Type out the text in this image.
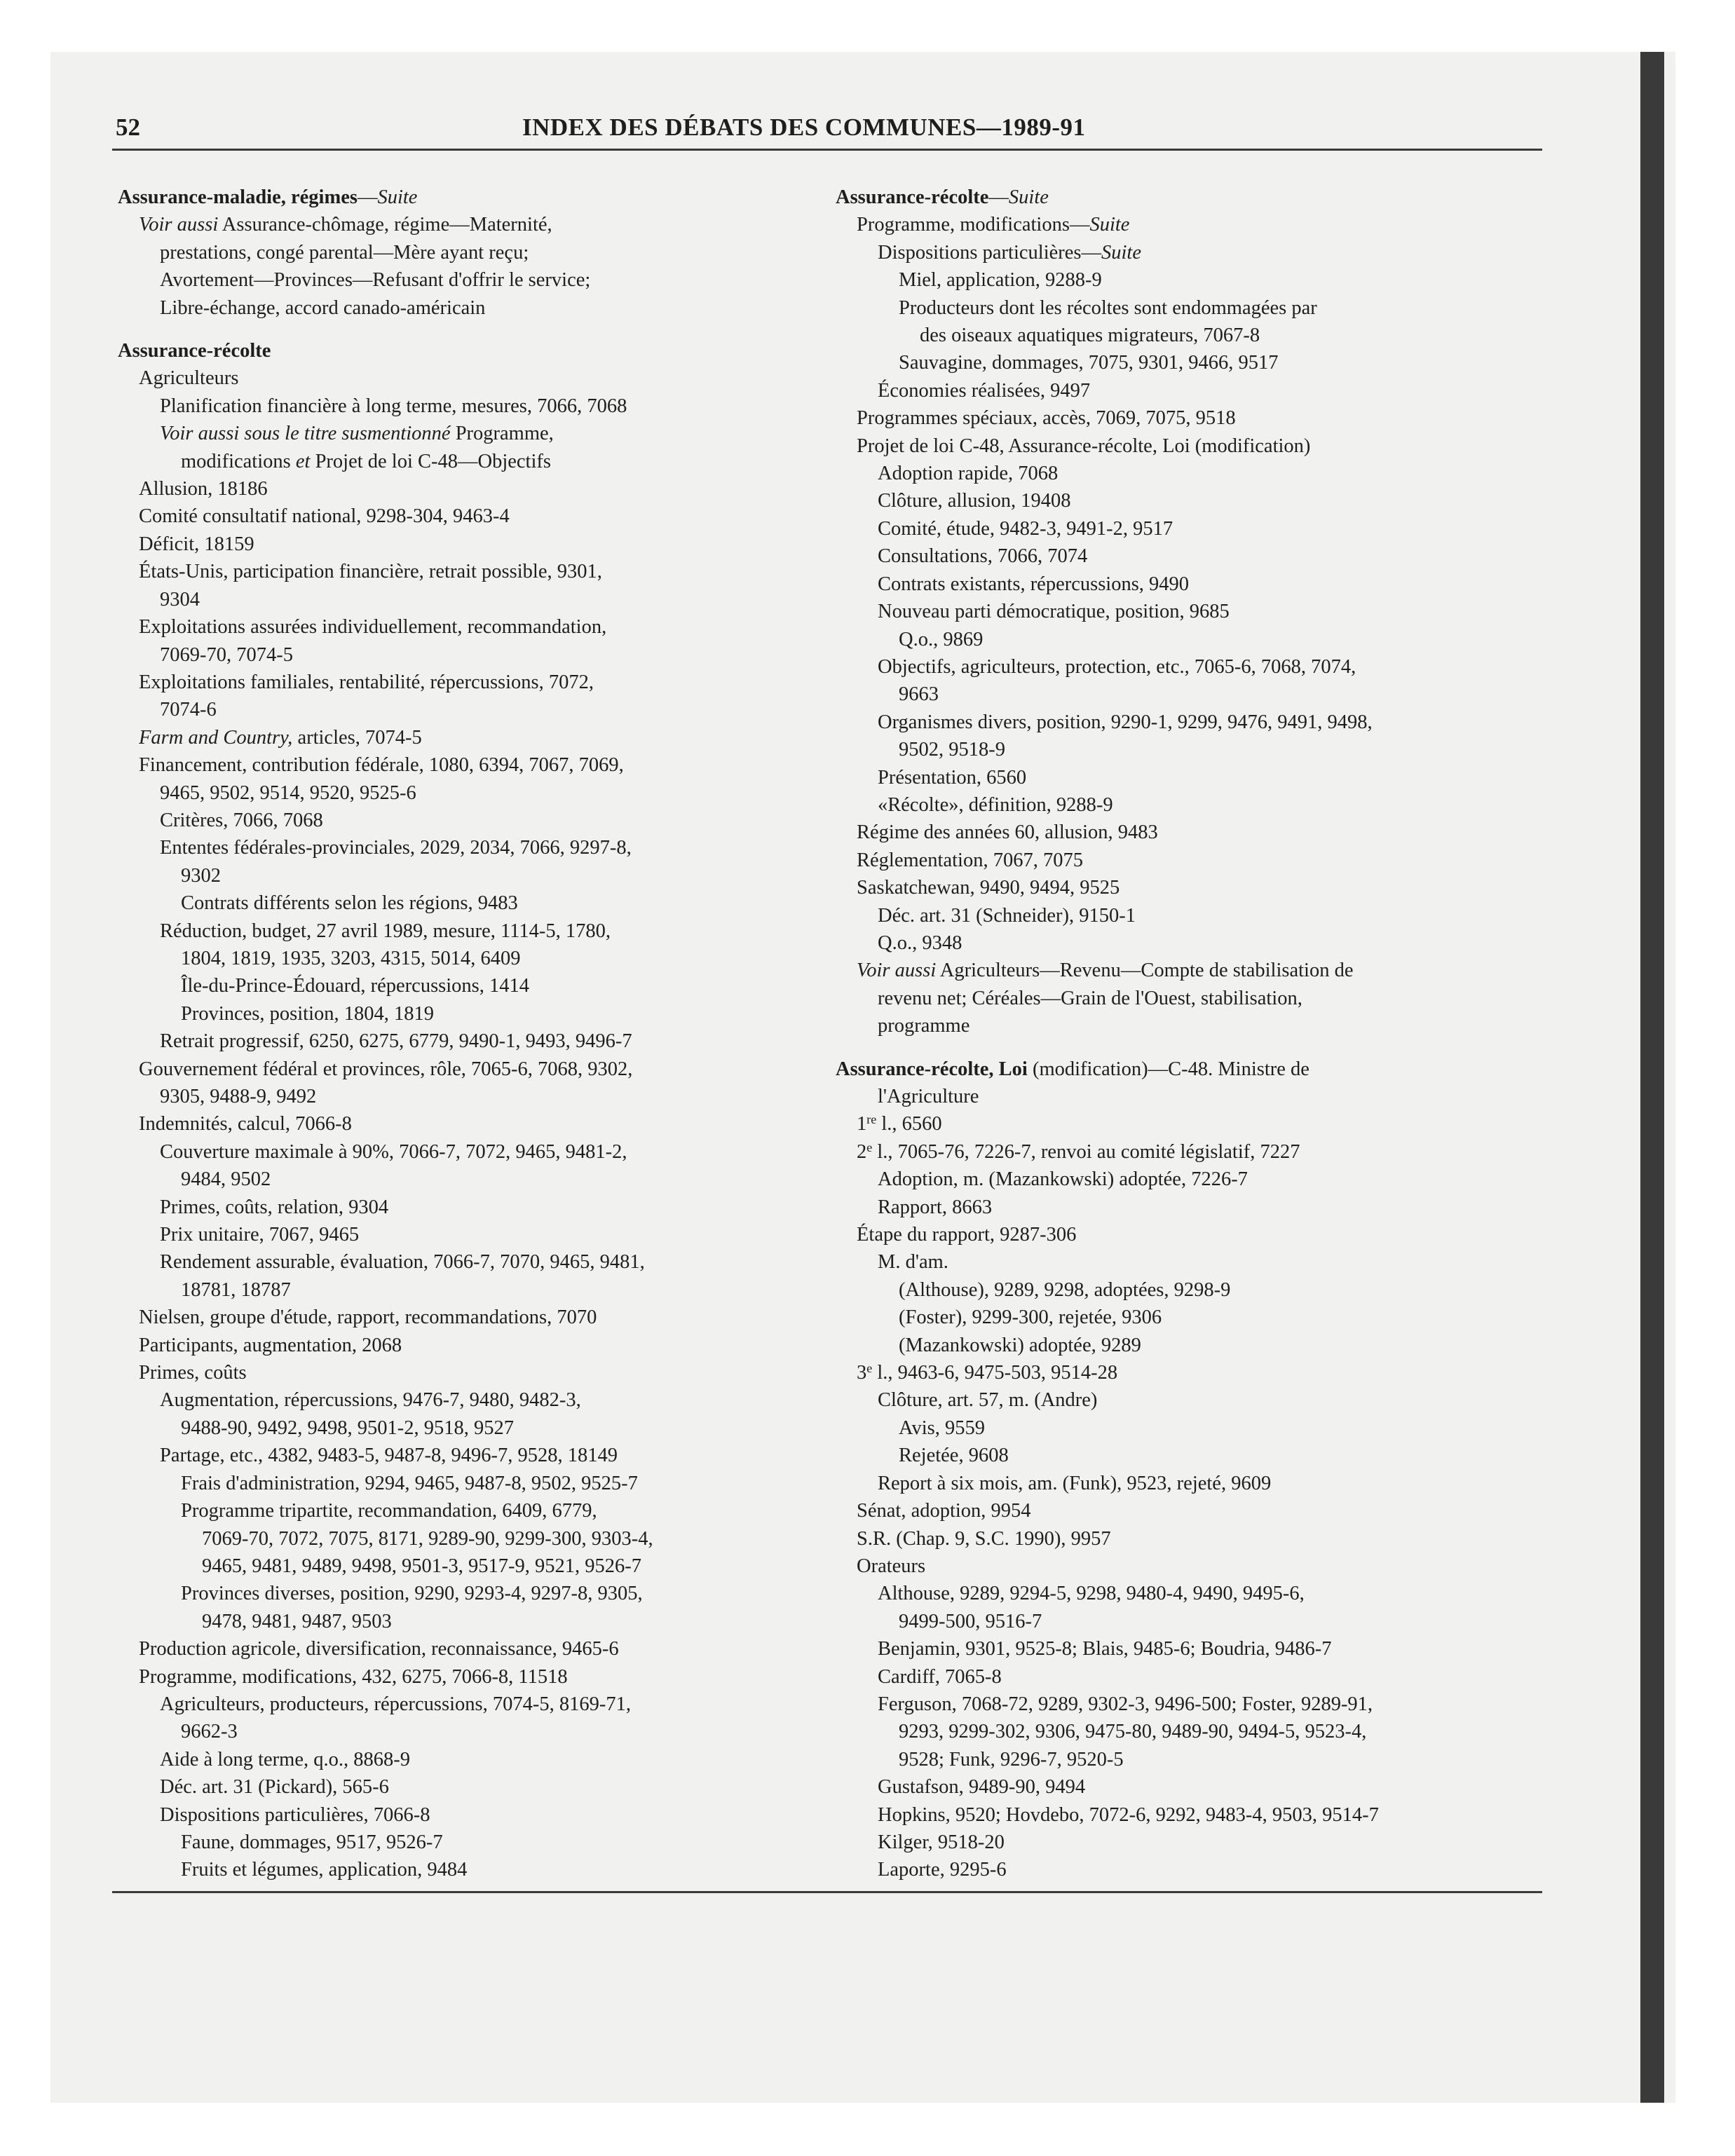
52	INDEX DES DÉBATS DES COMMUNES—1989-91
Assurance-maladie, régimes—Suite
Voir aussi Assurance-chômage, régime—Maternité,
prestations, congé parental—Mère ayant reçu;
Avortement—Provinces—Refusant d'offrir le service;
Libre-échange, accord canado-américain
Assurance-récolte
Agriculteurs
Planification financière à long terme, mesures, 7066, 7068
Voir aussi sous le titre susmentionné Programme,
modifications et Projet de loi C-48—Objectifs
Allusion, 18186
Comité consultatif national, 9298-304, 9463-4
Déficit, 18159
États-Unis, participation financière, retrait possible, 9301,
9304
Exploitations assurées individuellement, recommandation,
7069-70, 7074-5
Exploitations familiales, rentabilité, répercussions, 7072,
7074-6
Farm and Country, articles, 7074-5
Financement, contribution fédérale, 1080, 6394, 7067, 7069,
9465, 9502, 9514, 9520, 9525-6
Critères, 7066, 7068
Ententes fédérales-provinciales, 2029, 2034, 7066, 9297-8,
9302
Contrats différents selon les régions, 9483
Réduction, budget, 27 avril 1989, mesure, 1114-5, 1780,
1804, 1819, 1935, 3203, 4315, 5014, 6409
Île-du-Prince-Édouard, répercussions, 1414
Provinces, position, 1804, 1819
Retrait progressif, 6250, 6275, 6779, 9490-1, 9493, 9496-7
Gouvernement fédéral et provinces, rôle, 7065-6, 7068, 9302,
9305, 9488-9, 9492
Indemnités, calcul, 7066-8
Couverture maximale à 90%, 7066-7, 7072, 9465, 9481-2,
9484, 9502
Primes, coûts, relation, 9304
Prix unitaire, 7067, 9465
Rendement assurable, évaluation, 7066-7, 7070, 9465, 9481,
18781, 18787
Nielsen, groupe d'étude, rapport, recommandations, 7070
Participants, augmentation, 2068
Primes, coûts
Augmentation, répercussions, 9476-7, 9480, 9482-3,
9488-90, 9492, 9498, 9501-2, 9518, 9527
Partage, etc., 4382, 9483-5, 9487-8, 9496-7, 9528, 18149
Frais d'administration, 9294, 9465, 9487-8, 9502, 9525-7
Programme tripartite, recommandation, 6409, 6779,
7069-70, 7072, 7075, 8171, 9289-90, 9299-300, 9303-4,
9465, 9481, 9489, 9498, 9501-3, 9517-9, 9521, 9526-7
Provinces diverses, position, 9290, 9293-4, 9297-8, 9305,
9478, 9481, 9487, 9503
Production agricole, diversification, reconnaissance, 9465-6
Programme, modifications, 432, 6275, 7066-8, 11518
Agriculteurs, producteurs, répercussions, 7074-5, 8169-71,
9662-3
Aide à long terme, q.o., 8868-9
Déc. art. 31 (Pickard), 565-6
Dispositions particulières, 7066-8
Faune, dommages, 9517, 9526-7
Fruits et légumes, application, 9484
Assurance-récolte—Suite
Programme, modifications—Suite
Dispositions particulières—Suite
Miel, application, 9288-9
Producteurs dont les récoltes sont endommagées par
des oiseaux aquatiques migrateurs, 7067-8
Sauvagine, dommages, 7075, 9301, 9466, 9517
Économies réalisées, 9497
Programmes spéciaux, accès, 7069, 7075, 9518
Projet de loi C-48, Assurance-récolte, Loi (modification)
Adoption rapide, 7068
Clôture, allusion, 19408
Comité, étude, 9482-3, 9491-2, 9517
Consultations, 7066, 7074
Contrats existants, répercussions, 9490
Nouveau parti démocratique, position, 9685
Q.o., 9869
Objectifs, agriculteurs, protection, etc., 7065-6, 7068, 7074,
9663
Organismes divers, position, 9290-1, 9299, 9476, 9491, 9498,
9502, 9518-9
Présentation, 6560
«Récolte», définition, 9288-9
Régime des années 60, allusion, 9483
Réglementation, 7067, 7075
Saskatchewan, 9490, 9494, 9525
Déc. art. 31 (Schneider), 9150-1
Q.o., 9348
Voir aussi Agriculteurs—Revenu—Compte de stabilisation de
revenu net; Céréales—Grain de l'Ouest, stabilisation,
programme
Assurance-récolte, Loi (modification)—C-48. Ministre de
l'Agriculture
1re l., 6560
2e l., 7065-76, 7226-7, renvoi au comité législatif, 7227
Adoption, m. (Mazankowski) adoptée, 7226-7
Rapport, 8663
Étape du rapport, 9287-306
M. d'am.
(Althouse), 9289, 9298, adoptées, 9298-9
(Foster), 9299-300, rejetée, 9306
(Mazankowski) adoptée, 9289
3e l., 9463-6, 9475-503, 9514-28
Clôture, art. 57, m. (Andre)
Avis, 9559
Rejetée, 9608
Report à six mois, am. (Funk), 9523, rejeté, 9609
Sénat, adoption, 9954
S.R. (Chap. 9, S.C. 1990), 9957
Orateurs
Althouse, 9289, 9294-5, 9298, 9480-4, 9490, 9495-6,
9499-500, 9516-7
Benjamin, 9301, 9525-8; Blais, 9485-6; Boudria, 9486-7
Cardiff, 7065-8
Ferguson, 7068-72, 9289, 9302-3, 9496-500; Foster, 9289-91,
9293, 9299-302, 9306, 9475-80, 9489-90, 9494-5, 9523-4,
9528; Funk, 9296-7, 9520-5
Gustafson, 9489-90, 9494
Hopkins, 9520; Hovdebo, 7072-6, 9292, 9483-4, 9503, 9514-7
Kilger, 9518-20
Laporte, 9295-6
